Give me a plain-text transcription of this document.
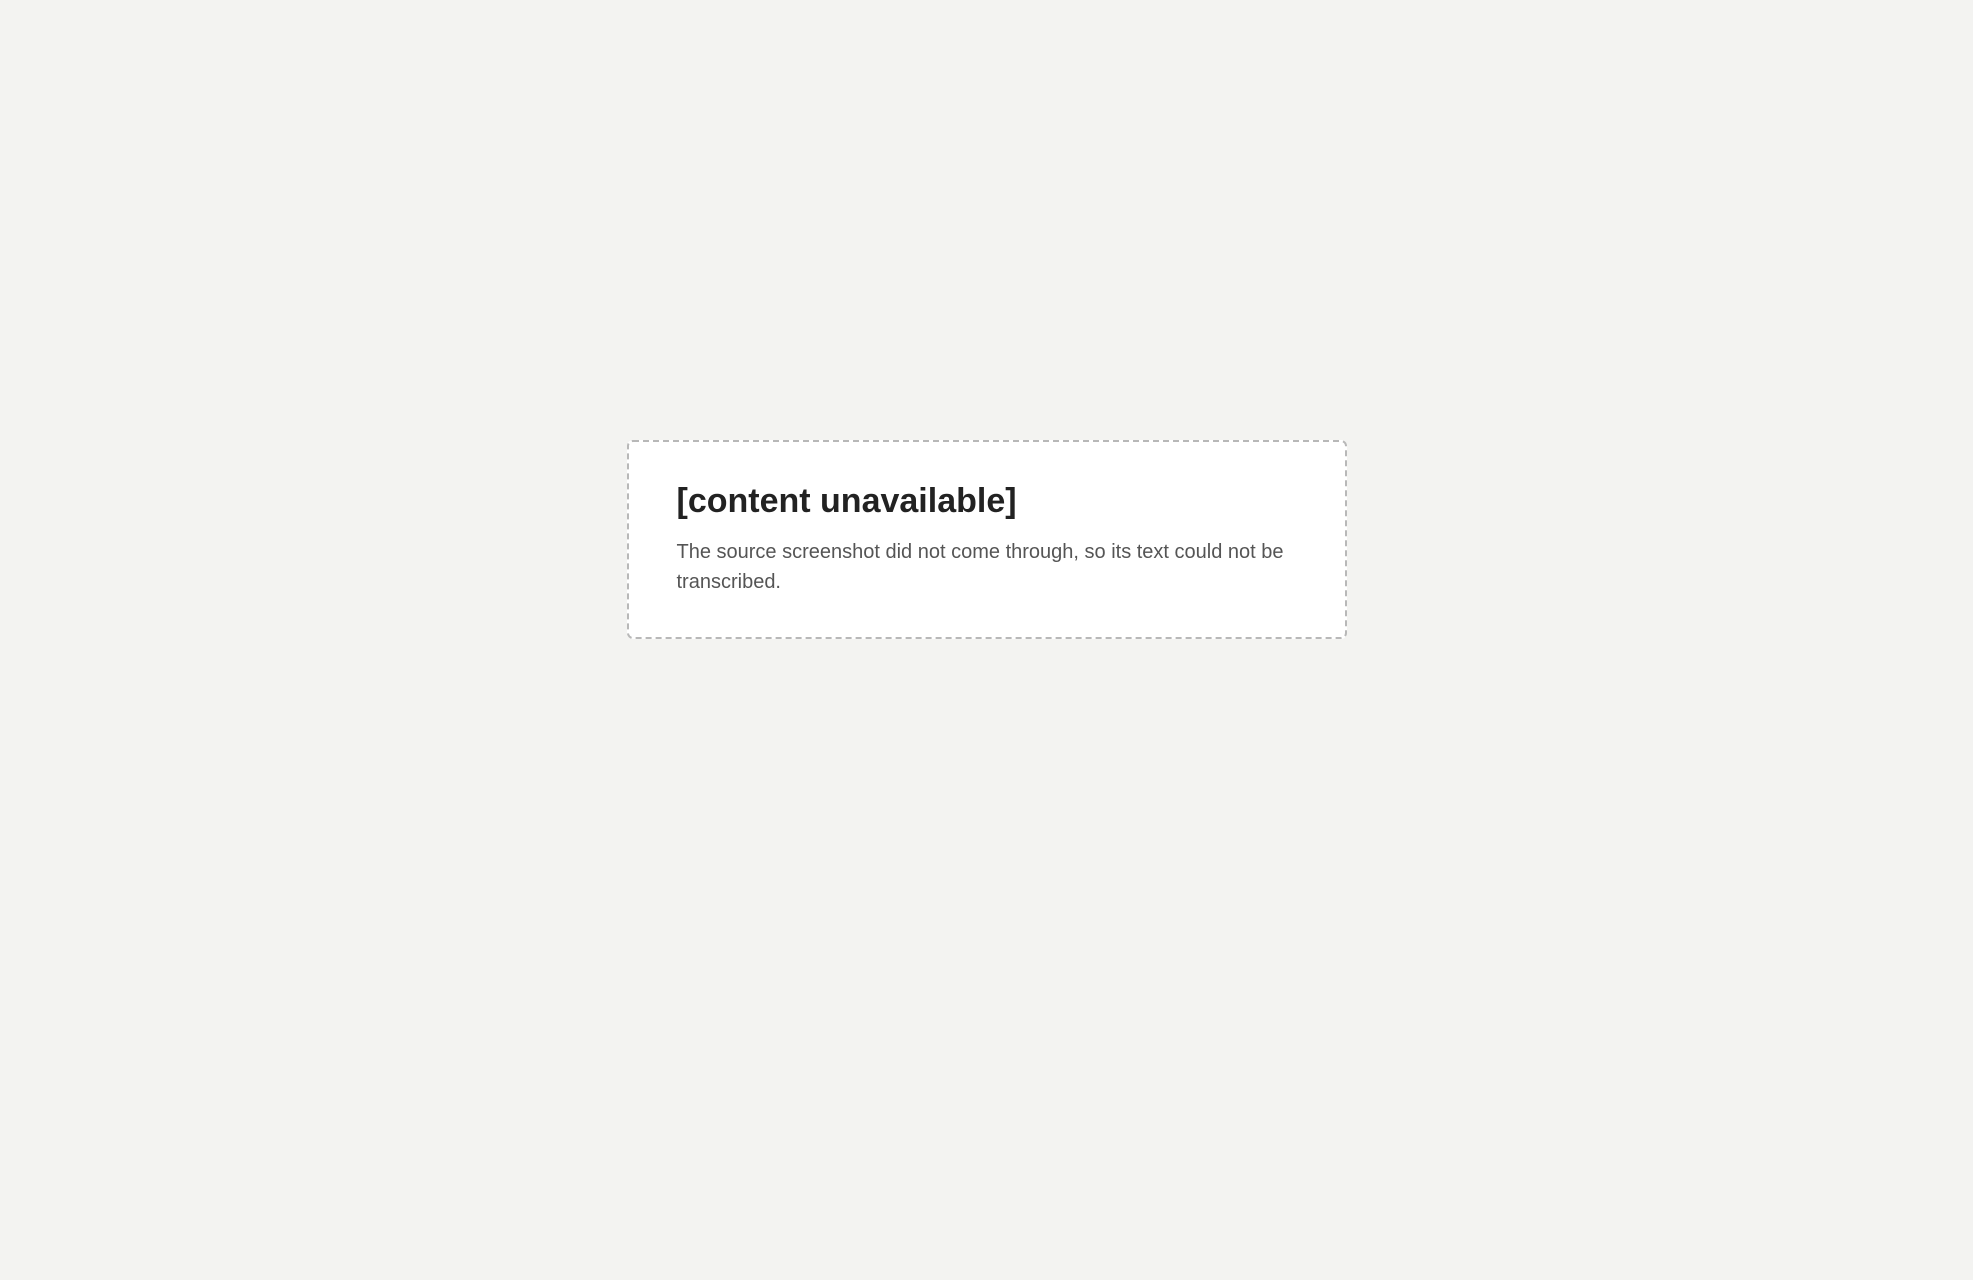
[content unavailable]

The source screenshot did not come through, so its text could not be transcribed.
